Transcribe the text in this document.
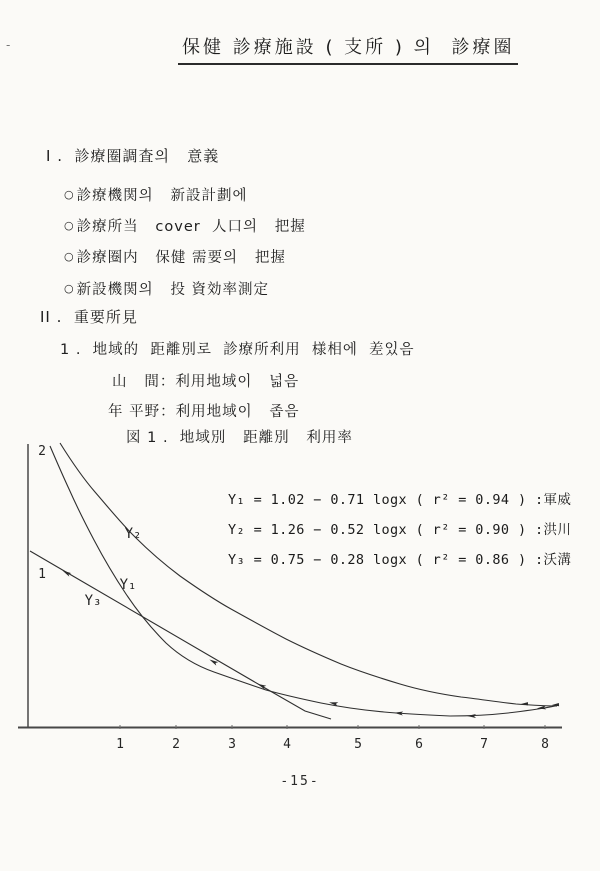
-	保健 診療施設 ( 支所 ) 의  診療圈
I .  診療圈調査의   意義
○ 診療機関의   新設計劃에
○ 診療所当   cover  人口의   把握
○ 診療圈内   保健 需要의   把握
○ 新設機関의   投 資効率測定
II .  重要所見
1 .  地域的  距離別로  診療所利用  様相에  差있음
山   間：利用地域이   넓음
年 平野：利用地域이   좁음
図 1 .  地域別   距離別   利用率
Y₁ = 1.02 − 0.71 logx ( r² = 0.94 ) :軍威
Y₂ = 1.26 − 0.52 logx ( r² = 0.90 ) :洪川
Y₃ = 0.75 − 0.28 logx ( r² = 0.86 ) :沃溝
2
1
Y₂
Y₁
Y₃
1	2	3	4	5	6	7	8
-15-
